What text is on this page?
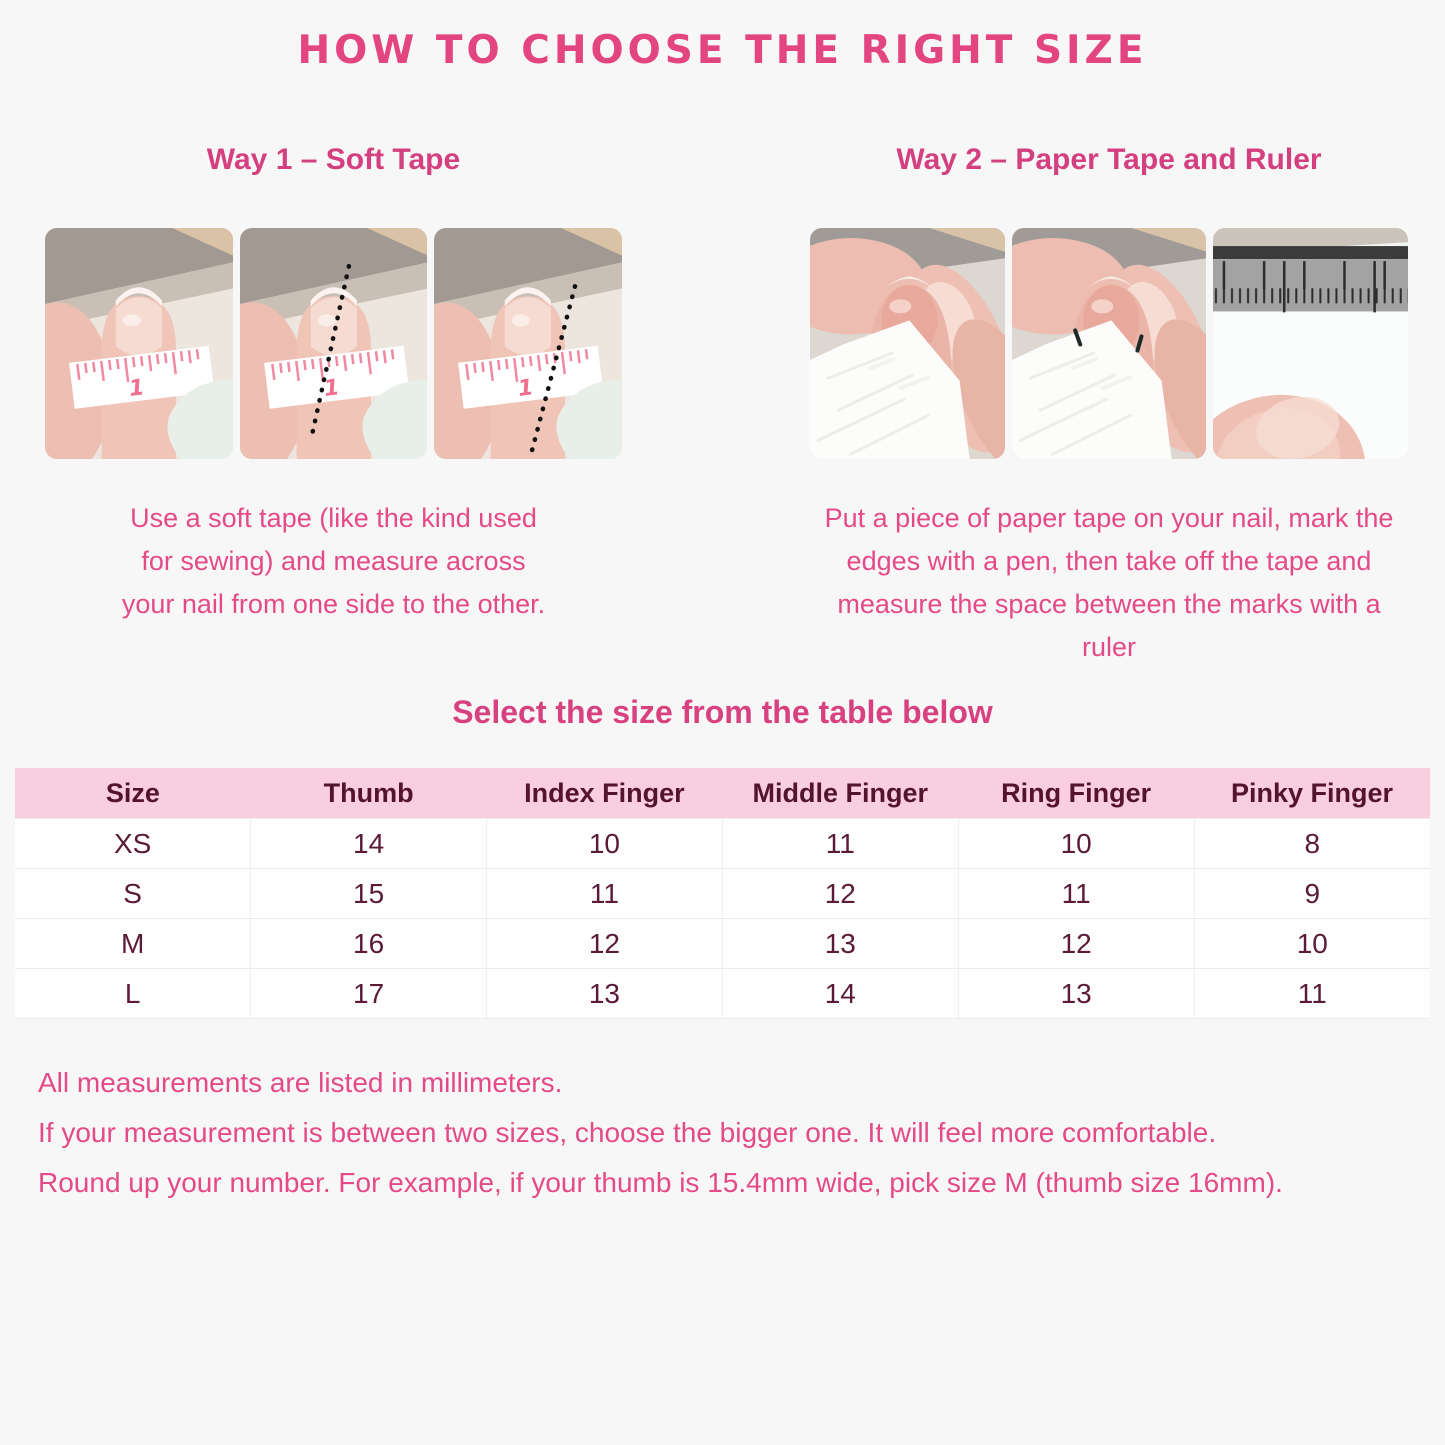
HOW TO CHOOSE THE RIGHT SIZE
Way 1 – Soft Tape
Use a soft tape (like the kind used
for sewing) and measure across
your nail from one side to the other.
Way 2 – Paper Tape and Ruler
Put a piece of paper tape on your nail, mark the
edges with a pen, then take off the tape and
measure the space between the marks with a ruler
Select the size from the table below
Size	Thumb	Index Finger	Middle Finger	Ring Finger	Pinky Finger
XS	14	10	11	10	8
S	15	11	12	11	9
M	16	12	13	12	10
L	17	13	14	13	11
All measurements are listed in millimeters.
If your measurement is between two sizes, choose the bigger one. It will feel more comfortable.
Round up your number. For example, if your thumb is 15.4mm wide, pick size M (thumb size 16mm).
